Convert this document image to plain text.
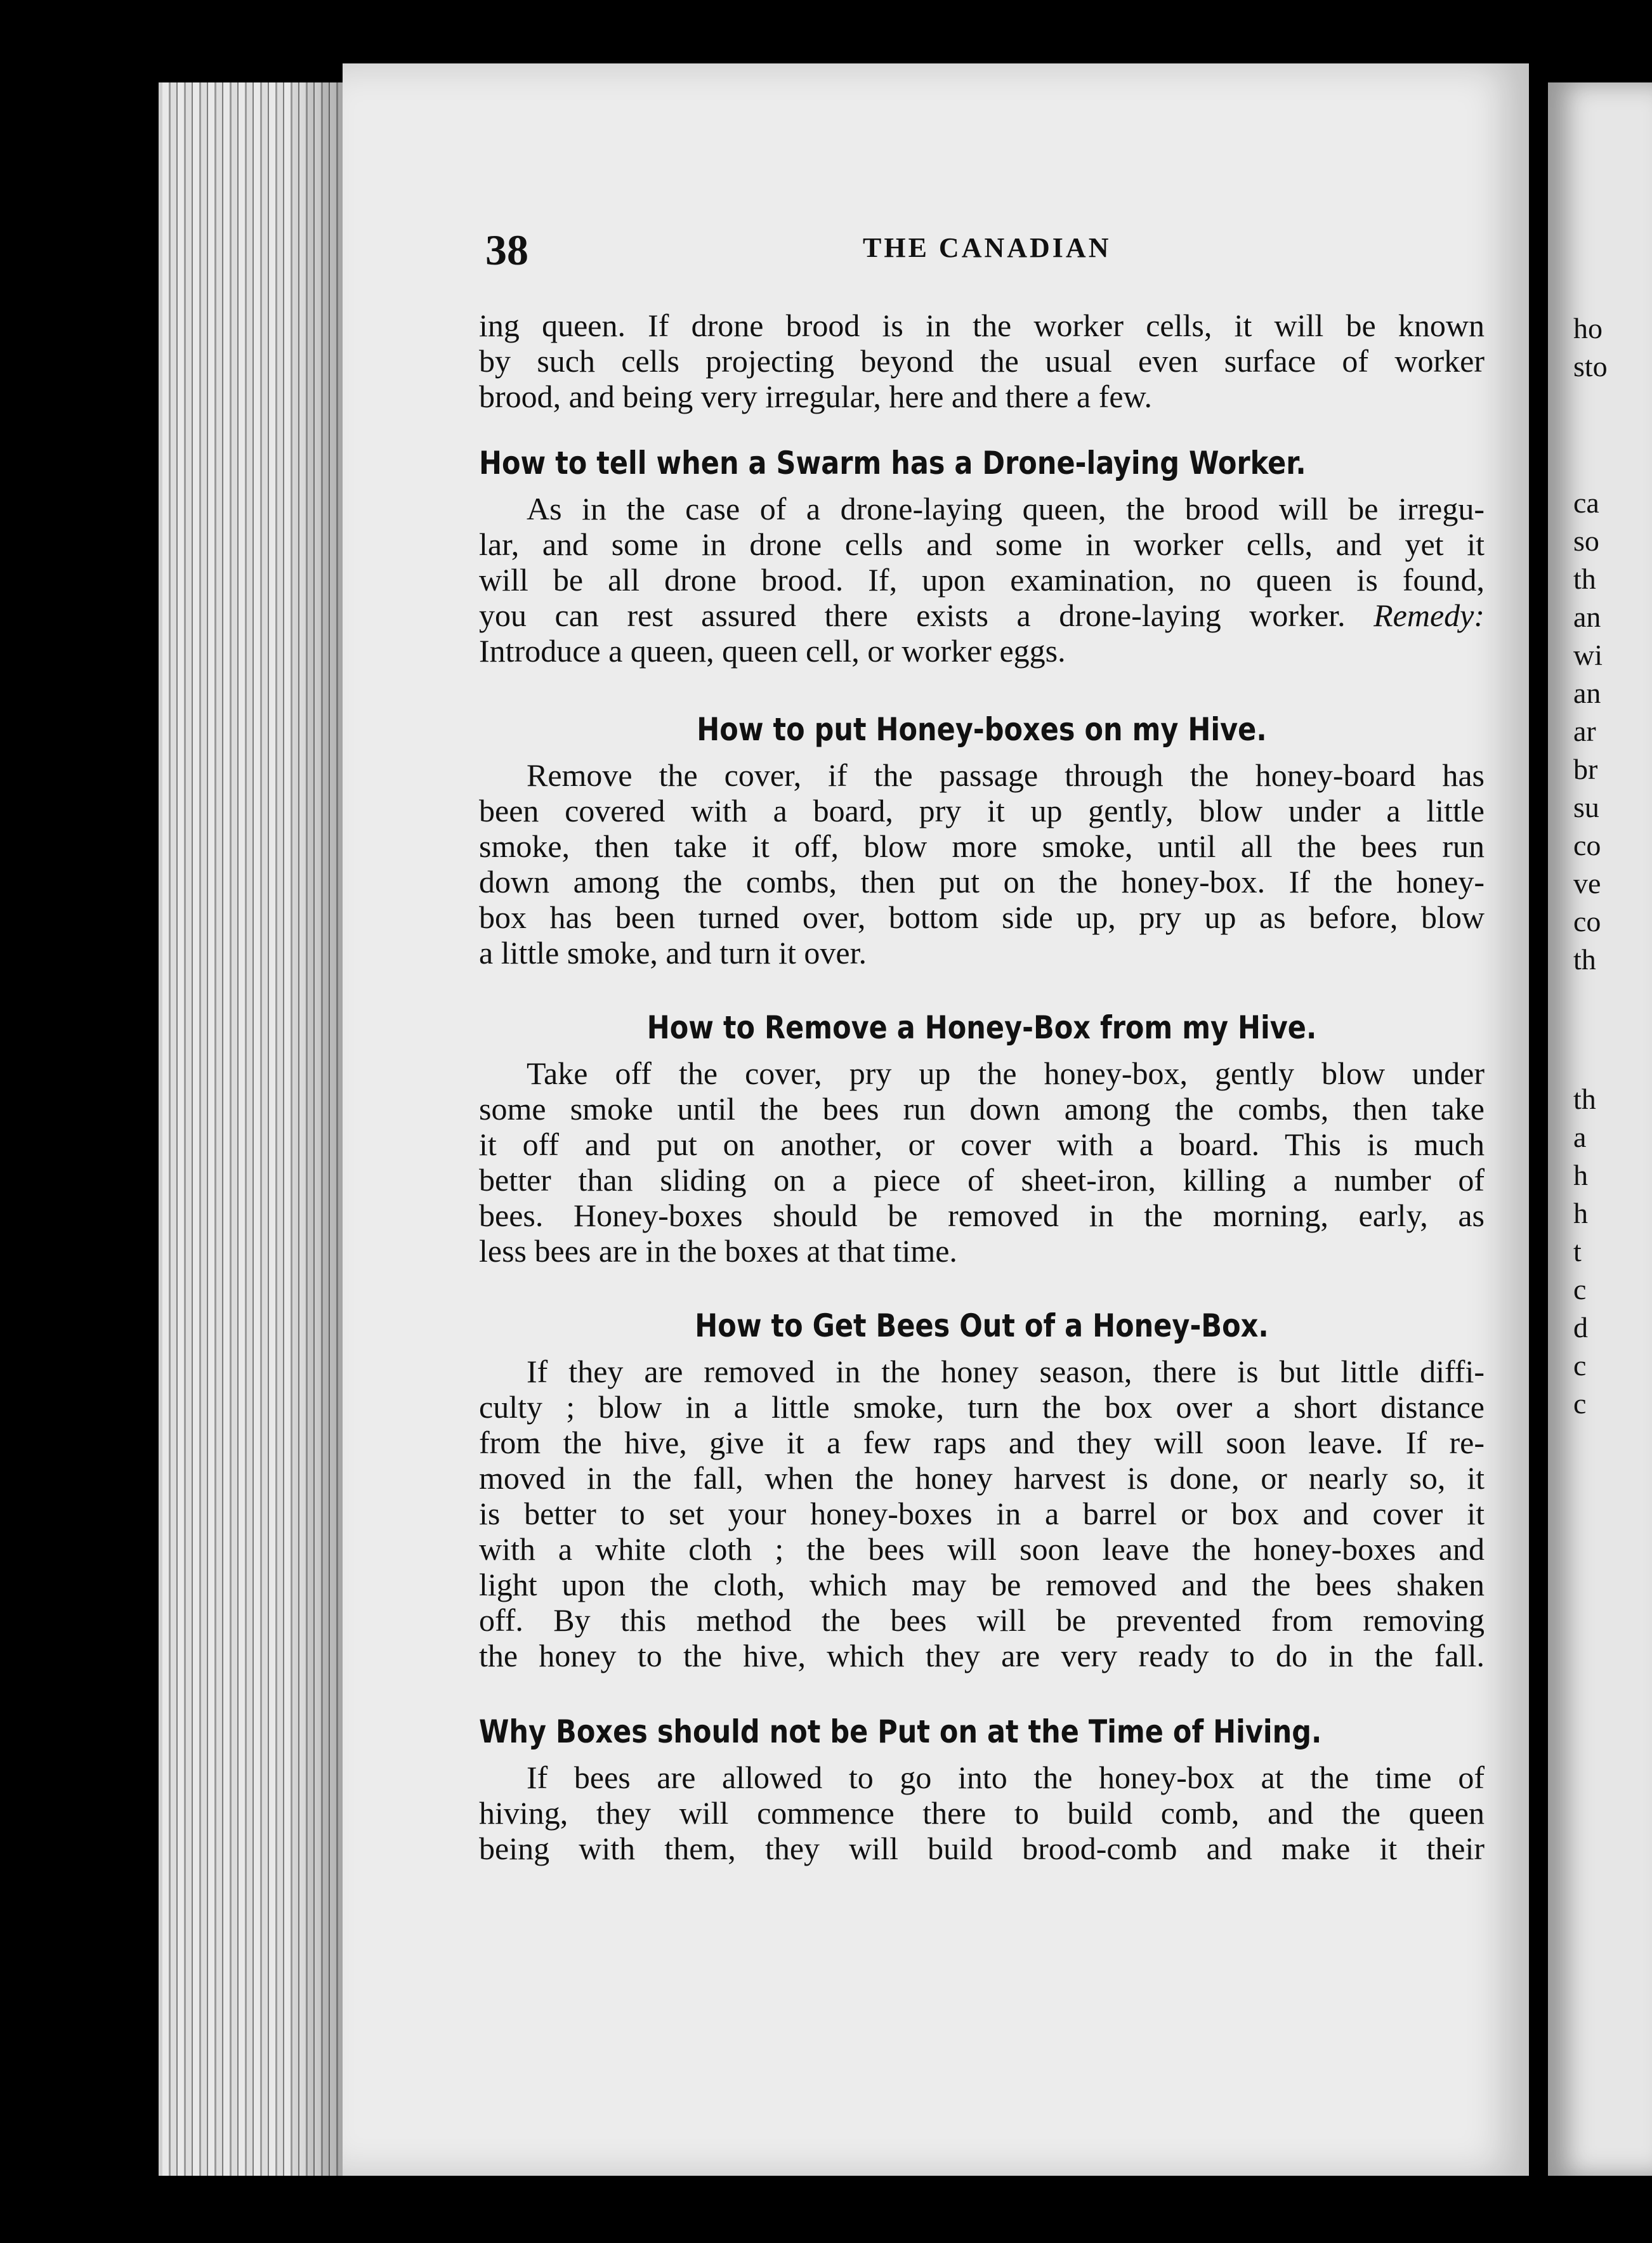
ho
sto
ca
so
th
an
wi
an
ar
br
su
co
ve
co
th
th
a
h
h
t
c
d
c
c
38	THE CANADIAN
ing queen. If drone brood is in the worker cells, it will be known
by such cells projecting beyond the usual even surface of worker
brood, and being very irregular, here and there a few.
How to tell when a Swarm has a Drone-laying Worker.
As in the case of a drone-laying queen, the brood will be irregu-
lar, and some in drone cells and some in worker cells, and yet it
will be all drone brood. If, upon examination, no queen is found,
you can rest assured there exists a drone-laying worker. Remedy:
Introduce a queen, queen cell, or worker eggs.
How to put Honey-boxes on my Hive.
Remove the cover, if the passage through the honey-board has
been covered with a board, pry it up gently, blow under a little
smoke, then take it off, blow more smoke, until all the bees run
down among the combs, then put on the honey-box. If the honey-
box has been turned over, bottom side up, pry up as before, blow
a little smoke, and turn it over.
How to Remove a Honey-Box from my Hive.
Take off the cover, pry up the honey-box, gently blow under
some smoke until the bees run down among the combs, then take
it off and put on another, or cover with a board. This is much
better than sliding on a piece of sheet-iron, killing a number of
bees. Honey-boxes should be removed in the morning, early, as
less bees are in the boxes at that time.
How to Get Bees Out of a Honey-Box.
If they are removed in the honey season, there is but little diffi-
culty ; blow in a little smoke, turn the box over a short distance
from the hive, give it a few raps and they will soon leave. If re-
moved in the fall, when the honey harvest is done, or nearly so, it
is better to set your honey-boxes in a barrel or box and cover it
with a white cloth ; the bees will soon leave the honey-boxes and
light upon the cloth, which may be removed and the bees shaken
off. By this method the bees will be prevented from removing
the honey to the hive, which they are very ready to do in the fall.
Why Boxes should not be Put on at the Time of Hiving.
If bees are allowed to go into the honey-box at the time of
hiving, they will commence there to build comb, and the queen
being with them, they will build brood-comb and make it their
